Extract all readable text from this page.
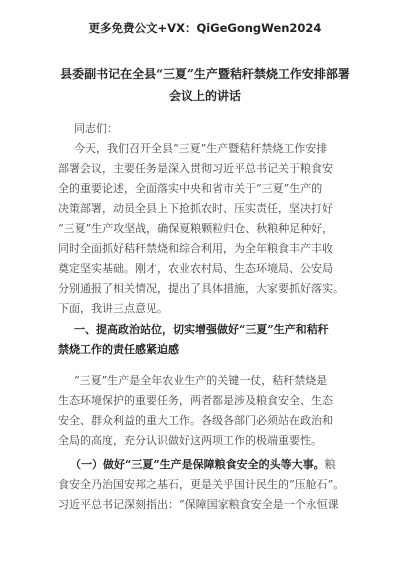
更多免费公文+VX：QiGeGongWen2024
县委副书记在全县“三夏”生产暨秸秆禁烧工作安排部署
会议上的讲话
同志们：
今天，我们召开全县“三夏”生产暨秸秆禁烧工作安排
部署会议，主要任务是深入贯彻习近平总书记关于粮食安
全的重要论述，全面落实中央和省市关于“三夏”生产的
决策部署，动员全县上下抢抓农时、压实责任，坚决打好
“三夏”生产攻坚战，确保夏粮颗粒归仓、秋粮种足种好，
同时全面抓好秸秆禁烧和综合利用，为全年粮食丰产丰收
奠定坚实基础。刚才，农业农村局、生态环境局、公安局
分别通报了相关情况，提出了具体措施，大家要抓好落实。
下面，我讲三点意见。
一、提高政治站位，切实增强做好“三夏”生产和秸秆
禁烧工作的责任感紧迫感
“三夏”生产是全年农业生产的关键一仗，秸秆禁烧是
生态环境保护的重要任务，两者都是涉及粮食安全、生态
安全、群众利益的重大工作。各级各部门必须站在政治和
全局的高度，充分认识做好这两项工作的极端重要性。
（一）做好“三夏”生产是保障粮食安全的头等大事。粮
食安全乃治国安邦之基石，更是关乎国计民生的“压舱石”。
习近平总书记深刻指出：“保障国家粮食安全是一个永恒课
